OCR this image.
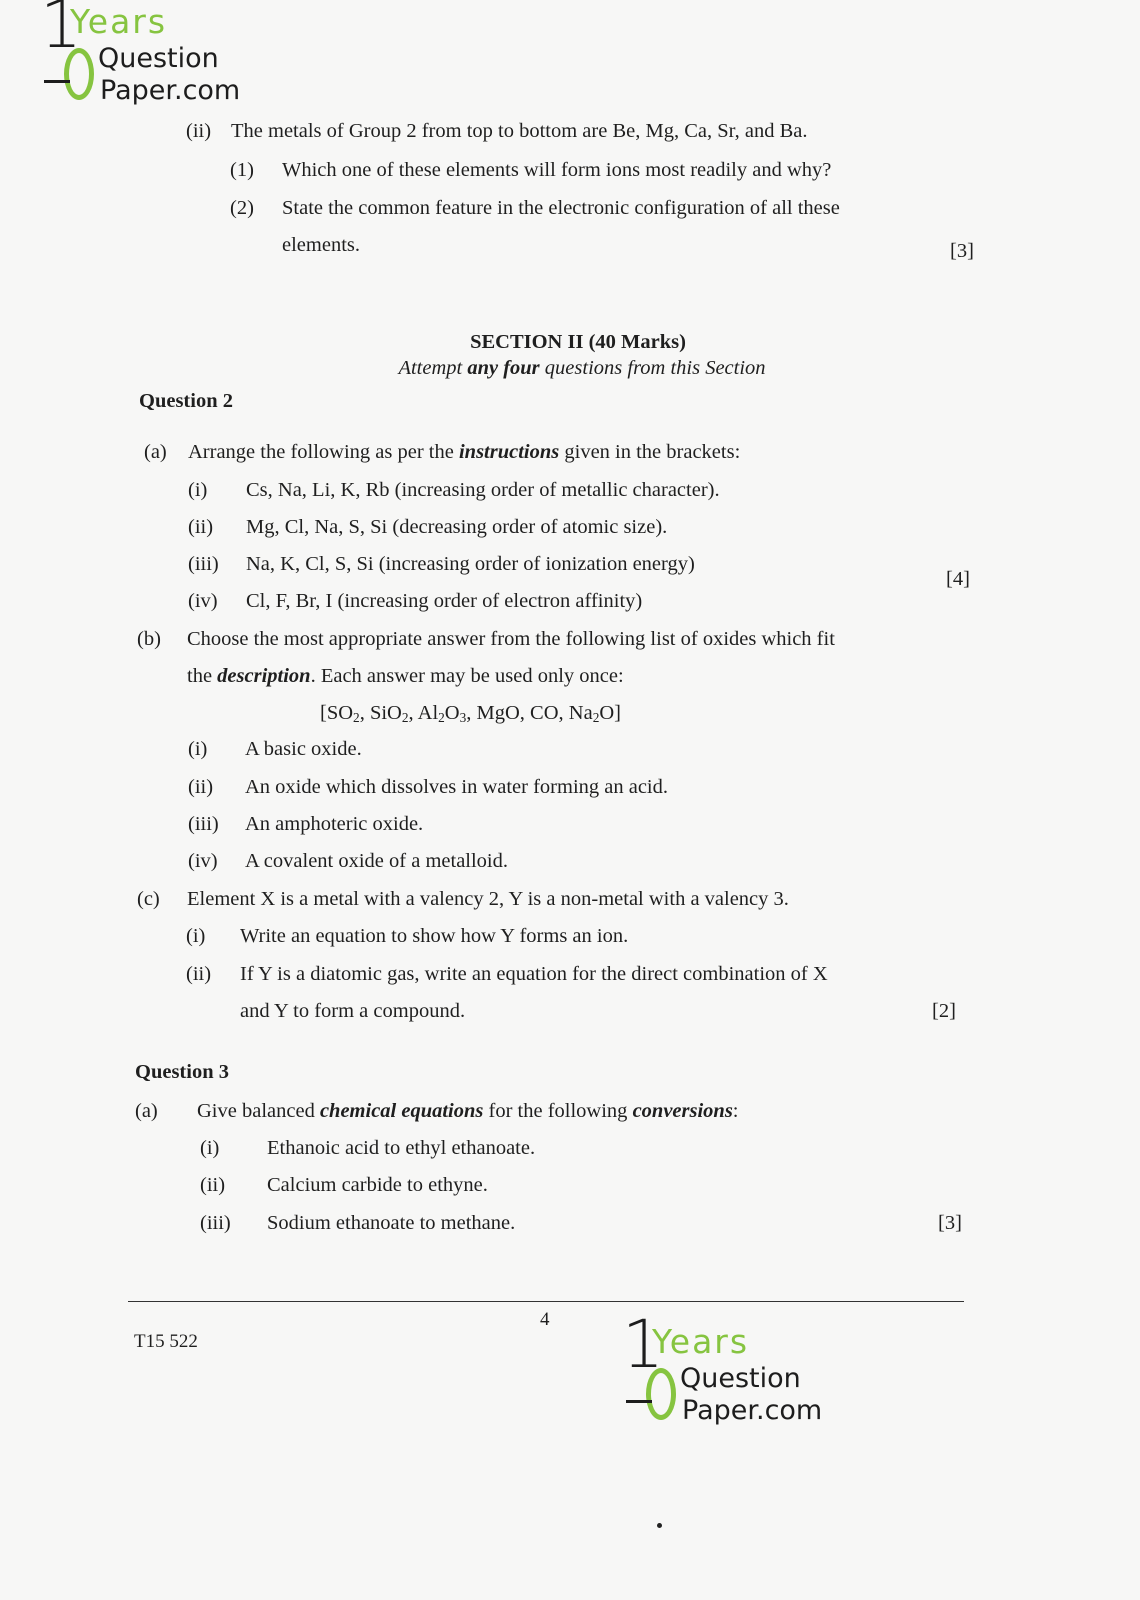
1
Years
Question
Paper.com
(ii) The metals of Group 2 from top to bottom are Be, Mg, Ca, Sr, and Ba.
(1) Which one of these elements will form ions most readily and why?
(2) State the common feature in the electronic configuration of all these
elements.	[3]
SECTION II (40 Marks)
Attempt any four questions from this Section
Question 2
(a) Arrange the following as per the instructions given in the brackets:
(i) Cs, Na, Li, K, Rb (increasing order of metallic character).
(ii) Mg, Cl, Na, S, Si (decreasing order of atomic size).
(iii) Na, K, Cl, S, Si (increasing order of ionization energy)
(iv) Cl, F, Br, I (increasing order of electron affinity)
[4]
(b) Choose the most appropriate answer from the following list of oxides which fit
the description. Each answer may be used only once:
[$SO_2$, SiO$_2$, $Al_2O_3$, MgO, CO, $Na_2O$]
(i) A basic oxide.
(ii) An oxide which dissolves in water forming an acid.
(iii) An amphoteric oxide.
(iv) A covalent oxide of a metalloid.
(c) Element X is a metal with a valency 2, Y is a non-metal with a valency 3.
(i) Write an equation to show how Y forms an ion.
(ii) If Y is a diatomic gas, write an equation for the direct combination of X
and Y to form a compound.	[2]
Question 3
(a) Give balanced chemical equations for the following conversions:
(i) Ethanoic acid to ethyl ethanoate.
(ii) Calcium carbide to ethyne.
(iii) Sodium ethanoate to methane.	[3]
4
T15 522	1
Years
Question
Paper.com
